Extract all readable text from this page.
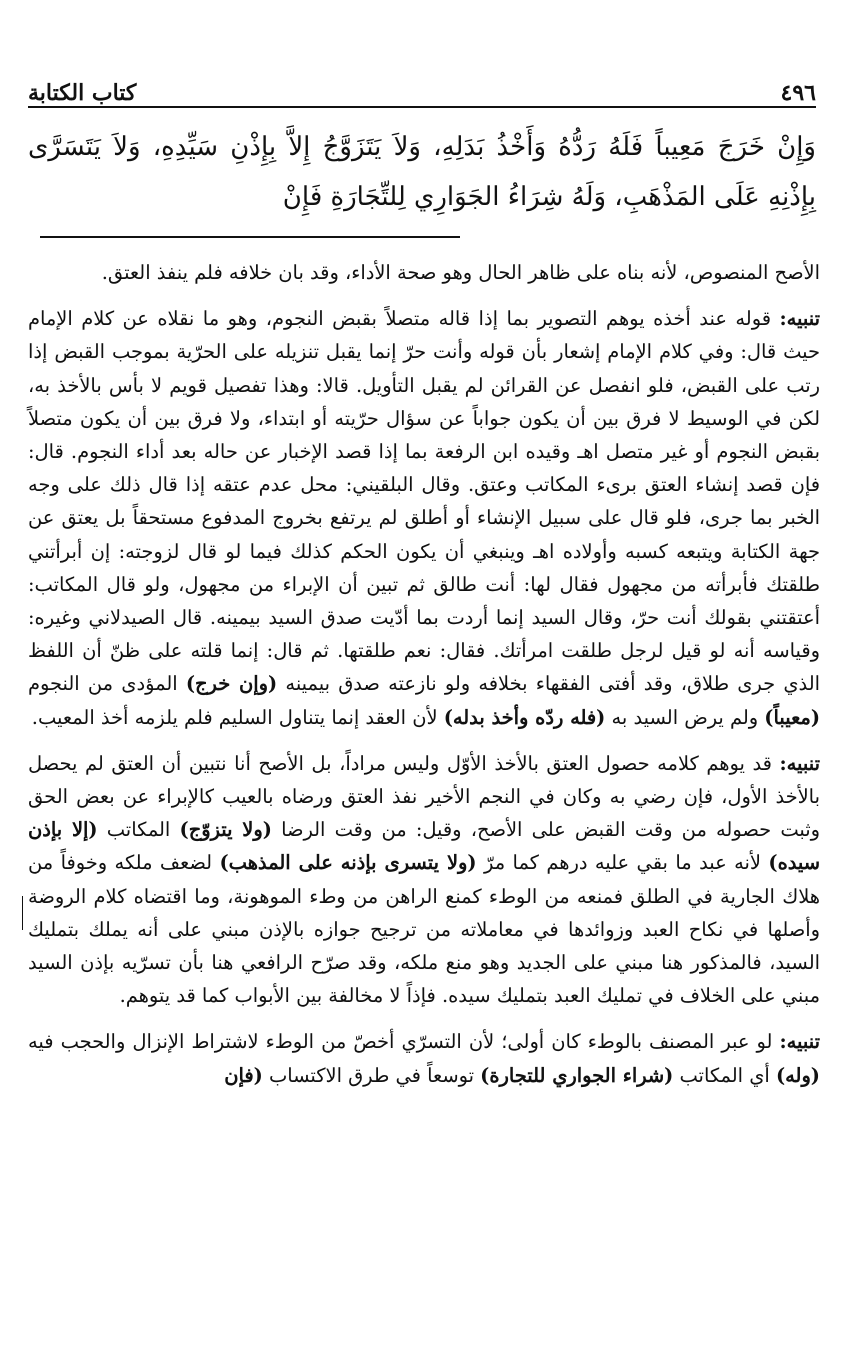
٤٩٦
كتاب الكتابة
وَإِنْ خَرَجَ مَعِيباً فَلَهُ رَدُّهُ وَأَخْذُ بَدَلِهِ، وَلاَ يَتَزَوَّجُ إِلاَّ بِإِذْنِ سَيِّدِهِ، وَلاَ يَتَسَرَّى بِإِذْنِهِ عَلَى المَذْهَبِ، وَلَهُ شِرَاءُ الجَوَارِي لِلتِّجَارَةِ فَإِنْ

الأصح المنصوص، لأنه بناه على ظاهر الحال وهو صحة الأداء، وقد بان خلافه فلم ينفذ العتق.

تنبيه: قوله عند أخذه يوهم التصوير بما إذا قاله متصلاً بقبض النجوم، وهو ما نقلاه عن كلام الإمام حيث قال: وفي كلام الإمام إشعار بأن قوله وأنت حرّ إنما يقبل تنزيله على الحرّية بموجب القبض إذا رتب على القبض، فلو انفصل عن القرائن لم يقبل التأويل. قالا: وهذا تفصيل قويم لا بأس بالأخذ به، لكن في الوسيط لا فرق بين أن يكون جواباً عن سؤال حرّيته أو ابتداء، ولا فرق بين أن يكون متصلاً بقبض النجوم أو غير متصل اهـ وقيده ابن الرفعة بما إذا قصد الإخبار عن حاله بعد أداء النجوم. قال: فإن قصد إنشاء العتق برىء المكاتب وعتق. وقال البلقيني: محل عدم عتقه إذا قال ذلك على وجه الخبر بما جرى، فلو قال على سبيل الإنشاء أو أطلق لم يرتفع بخروج المدفوع مستحقاً بل يعتق عن جهة الكتابة ويتبعه كسبه وأولاده اهـ وينبغي أن يكون الحكم كذلك فيما لو قال لزوجته: إن أبرأتني طلقتك فأبرأته من مجهول فقال لها: أنت طالق ثم تبين أن الإبراء من مجهول، ولو قال المكاتب: أعتقتني بقولك أنت حرّ، وقال السيد إنما أردت بما أدّيت صدق السيد بيمينه. قال الصيدلاني وغيره: وقياسه أنه لو قيل لرجل طلقت امرأتك. فقال: نعم طلقتها. ثم قال: إنما قلته على ظنّ أن اللفظ الذي جرى طلاق، وقد أفتى الفقهاء بخلافه ولو نازعته صدق بيمينه (وإن خرج) المؤدى من النجوم (معيباً) ولم يرض السيد به (فله ردّه وأخذ بدله) لأن العقد إنما يتناول السليم فلم يلزمه أخذ المعيب.

تنبيه: قد يوهم كلامه حصول العتق بالأخذ الأوّل وليس مراداً، بل الأصح أنا نتبين أن العتق لم يحصل بالأخذ الأول، فإن رضي به وكان في النجم الأخير نفذ العتق ورضاه بالعيب كالإبراء عن بعض الحق وثبت حصوله من وقت القبض على الأصح، وقيل: من وقت الرضا (ولا يتزوّج) المكاتب (إلا بإذن سيده) لأنه عبد ما بقي عليه درهم كما مرّ (ولا يتسرى بإذنه على المذهب) لضعف ملكه وخوفاً من هلاك الجارية في الطلق فمنعه من الوطء كمنع الراهن من وطء الموهونة، وما اقتضاه كلام الروضة وأصلها في نكاح العبد وزوائدها في معاملاته من ترجيح جوازه بالإذن مبني على أنه يملك بتمليك السيد، فالمذكور هنا مبني على الجديد وهو منع ملكه، وقد صرّح الرافعي هنا بأن تسرّيه بإذن السيد مبني على الخلاف في تمليك العبد بتمليك سيده. فإذاً لا مخالفة بين الأبواب كما قد يتوهم.

تنبيه: لو عبر المصنف بالوطء كان أولى؛ لأن التسرّي أخصّ من الوطء لاشتراط الإنزال والحجب فيه (وله) أي المكاتب (شراء الجواري للتجارة) توسعاً في طرق الاكتساب (فإن
